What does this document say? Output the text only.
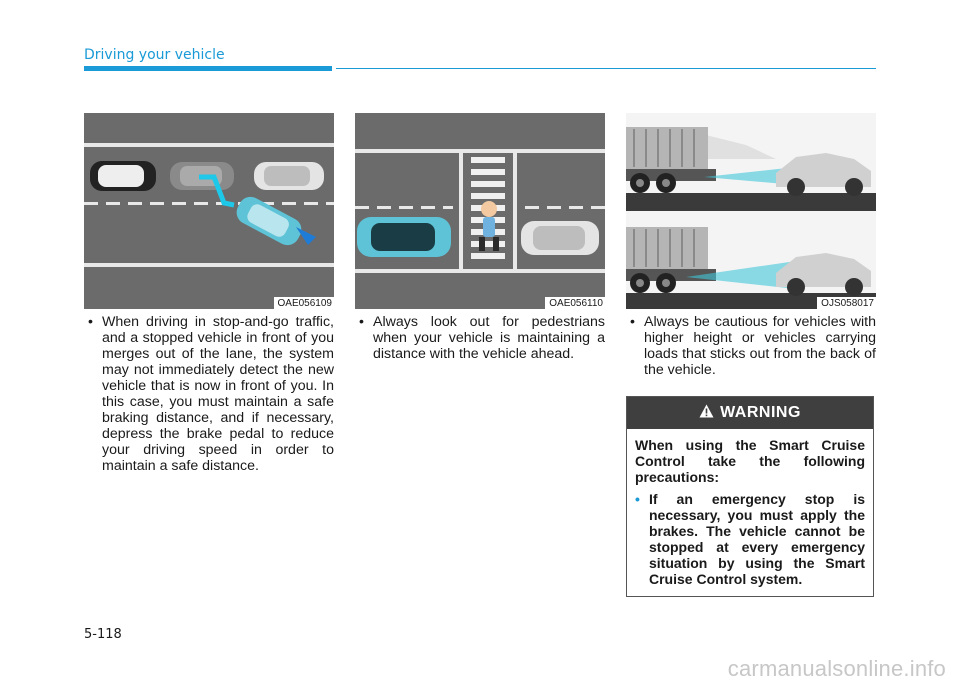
Driving your vehicle
OAE056109	OAE056110	OJS058017
• When driving in stop-and-go traffic, and a stopped vehicle in front of you merges out of the lane, the system may not immediately detect the new vehicle that is now in front of you. In this case, you must maintain a safe braking distance, and if necessary, depress the brake pedal to reduce your driving speed in order to maintain a safe distance.
• Always look out for pedestrians when your vehicle is maintaining a distance with the vehicle ahead.
• Always be cautious for vehicles with higher height or vehicles carrying loads that sticks out from the back of the vehicle.
WARNING
When using the Smart Cruise Control take the following precautions:
• If an emergency stop is necessary, you must apply the brakes. The vehicle cannot be stopped at every emergency situation by using the Smart Cruise Control system.
5-118
carmanualsonline.info
